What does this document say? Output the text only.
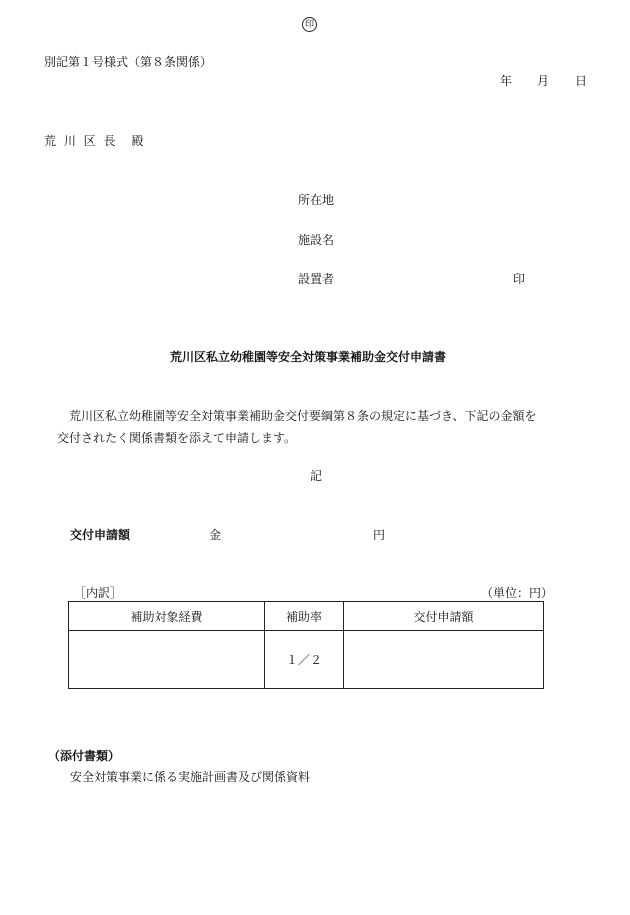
印
別記第１号様式（第８条関係）
年 月 日
荒 川 区 長　殿
所在地
施設名
設置者	印
荒川区私立幼稚園等安全対策事業補助金交付申請書
荒川区私立幼稚園等安全対策事業補助金交付要綱第８条の規定に基づき、下記の金額を
交付されたく関係書類を添えて申請します。
記
交付申請額	金	円
［内訳］	（単位：円）
補助対象経費	補助率	交付申請額
	１／２	
（添付書類）
安全対策事業に係る実施計画書及び関係資料
